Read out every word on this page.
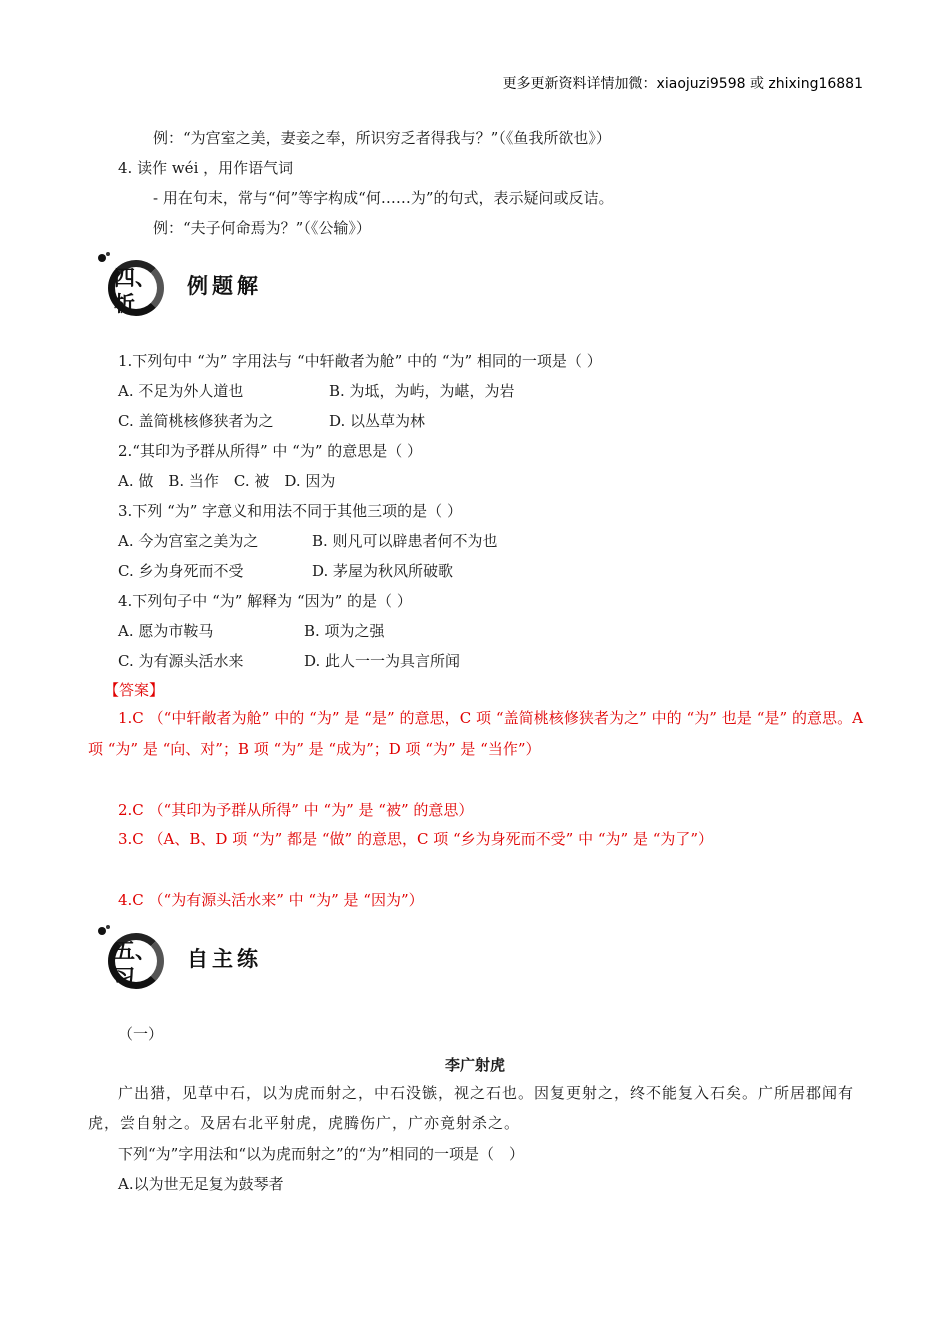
更多更新资料详情加微：xiaojuzi9598 或 zhixing16881
例：“为宫室之美，妻妾之奉，所识穷乏者得我与？”（《鱼我所欲也》）
4. 读作 wéi ，用作语气词
- 用在句末，常与“何”等字构成“何……为”的句式，表示疑问或反诘。
例：“夫子何命焉为？”（《公输》）
四、
析
例题解
1.下列句中 “为” 字用法与 “中轩敞者为舱” 中的 “为” 相同的一项是（ ）
A. 不足为外人道也	B. 为坻，为屿，为嵁，为岩
C. 盖简桃核修狭者为之	D. 以丛草为林
2.“其印为予群从所得” 中 “为” 的意思是（ ）
A. 做　B. 当作　C. 被　D. 因为
3.下列 “为” 字意义和用法不同于其他三项的是（ ）
A. 今为宫室之美为之	B. 则凡可以辟患者何不为也
C. 乡为身死而不受	D. 茅屋为秋风所破歌
4.下列句子中 “为” 解释为 “因为” 的是（ ）
A. 愿为市鞍马	B. 项为之强
C. 为有源头活水来	D. 此人一一为具言所闻
【答案】
1.C （“中轩敞者为舱” 中的 “为” 是 “是” 的意思，C 项 “盖简桃核修狭者为之” 中的 “为” 也是 “是” 的意思。A 项 “为” 是 “向、对”；B 项 “为” 是 “成为”；D 项 “为” 是 “当作”）
2.C （“其印为予群从所得” 中 “为” 是 “被” 的意思）
3.C （A、B、D 项 “为” 都是 “做” 的意思，C 项 “乡为身死而不受” 中 “为” 是 “为了”）
4.C （“为有源头活水来” 中 “为” 是 “因为”）
五、
习
自主练
（一）
李广射虎
广出猎，见草中石，以为虎而射之，中石没镞，视之石也。因复更射之，终不能复入石矣。广所居郡闻有虎，尝自射之。及居右北平射虎，虎腾伤广，广亦竟射杀之。
下列“为”字用法和“以为虎而射之”的“为”相同的一项是（　）
A.以为世无足复为鼓琴者
